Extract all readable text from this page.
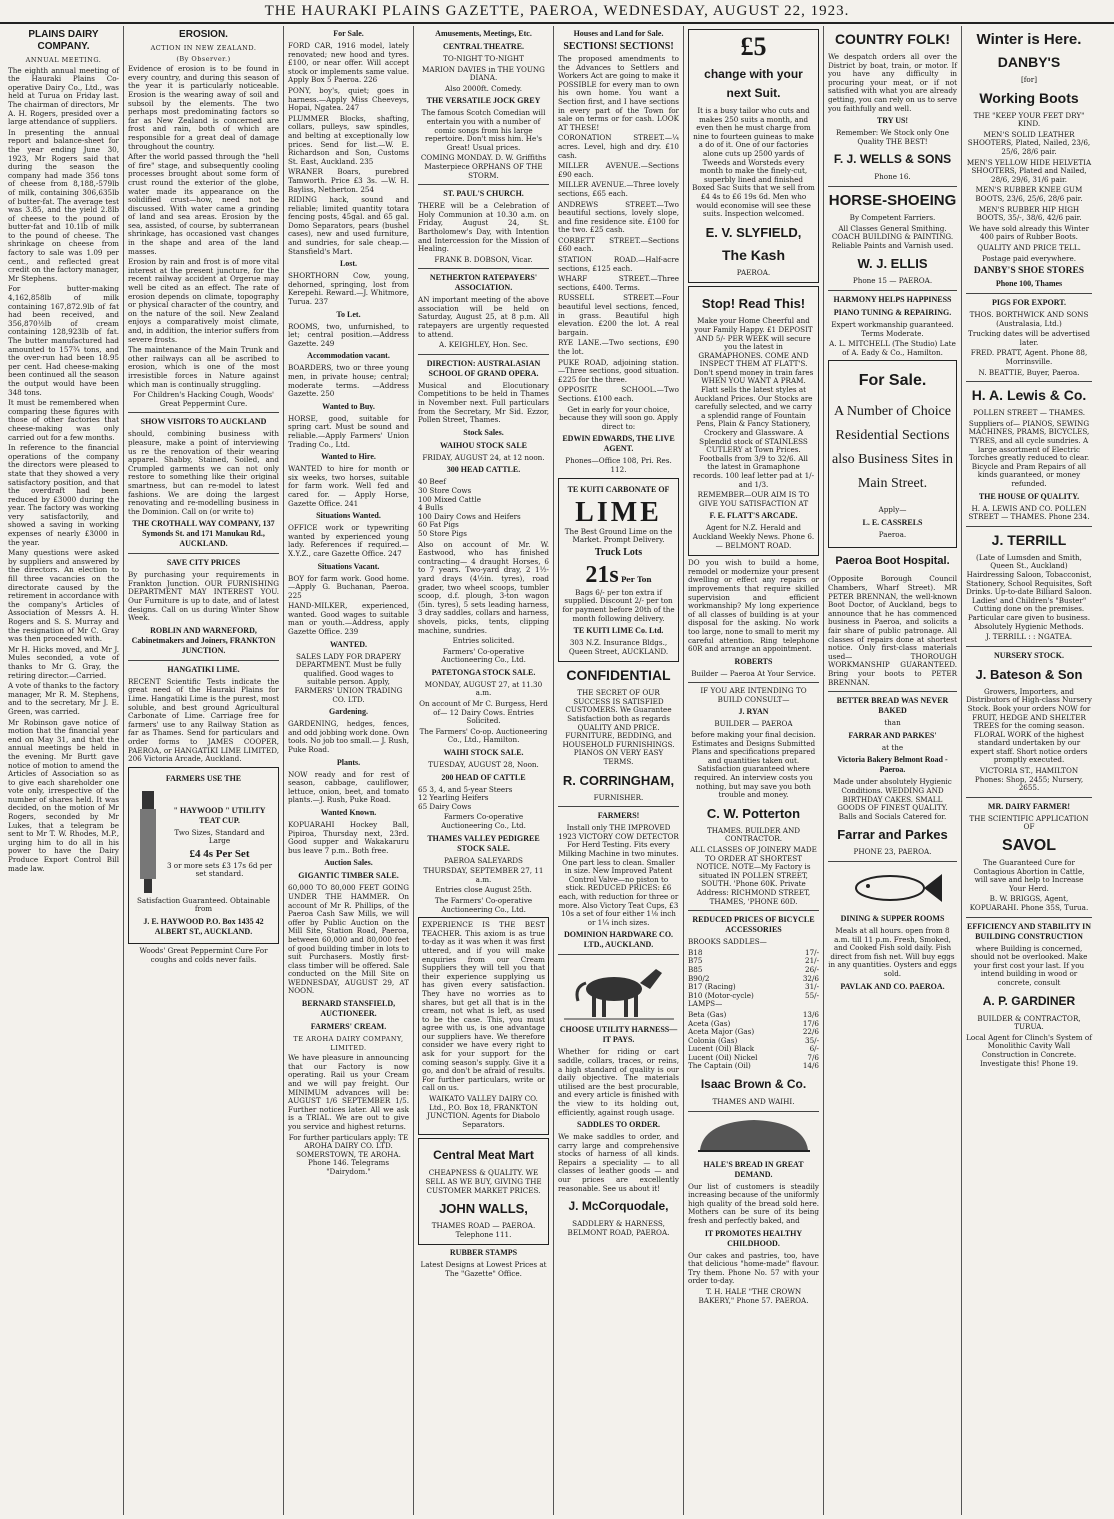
THE HAURAKI PLAINS GAZETTE, PAEROA, WEDNESDAY, AUGUST 22, 1923.
PLAINS DAIRY COMPANY.
ANNUAL MEETING.

The eighth annual meeting of the Hauraki Plains Co-operative Dairy Co., Ltd., was held at Turua on Friday last. The chairman of directors, Mr A. H. Rogers, presided over a large attendance of suppliers.

In presenting the annual report and balance-sheet for the year ending June 30, 1923, Mr Rogers said that during the season the company had made 356 tons of cheese from 8,188,-579lb of milk, containing 306,635lb of butter-fat. The average test was 3.85, and the yield 2.8lb of cheese to the pound of butter-fat and 10.1lb of milk to the pound of cheese. The shrinkage on cheese from factory to sale was 1.09 per cent., and reflected great credit on the factory manager, Mr Stephens.

For butter-making 4,162,858lb of milk containing 167,872.9lb of fat had been received, and 356,870½lb of cream containing 128,923lb of fat. The butter manufactured had amounted to 157¾ tons, and the over-run had been 18.95 per cent. Had cheese-making been continued all the season the output would have been 348 tons.

It must be remembered when comparing these figures with those of other factories that cheese-making was only carried out for a few months.

In reference to the financial operations of the company the directors were pleased to state that they showed a very satisfactory position, and that the overdraft had been reduced by £3000 during the year. The factory was working very satisfactorily, and showed a saving in working expenses of nearly £3000 in the year.

Many questions were asked by suppliers and answered by the directors. An election to fill three vacancies on the directorate caused by the retirement in accordance with the company's Articles of Association of Messrs A. H. Rogers and S. S. Murray and the resignation of Mr C. Gray was then proceeded with.

Mr H. Hicks moved, and Mr J. Mules seconded, a vote of thanks to Mr G. Gray, the retiring director.—Carried.

A vote of thanks to the factory manager, Mr R. M. Stephens, and to the secretary, Mr J. E. Green, was carried.

Mr Robinson gave notice of motion that the financial year end on May 31, and that the annual meetings be held in the evening. Mr Burtt gave notice of motion to amend the Articles of Association so as to give each shareholder one vote only, irrespective of the number of shares held. It was decided, on the motion of Mr Rogers, seconded by Mr Lukes, that a telegram be sent to Mr T. W. Rhodes, M.P., urging him to do all in his power to have the Dairy Produce Export Control Bill made law.

EROSION.
ACTION IN NEW ZEALAND.
(By Observer.)

Evidence of erosion is to be found in every country, and during this season of the year it is particularly noticeable. Erosion is the wearing away of soil and subsoil by the elements. The two perhaps most predominating factors so far as New Zealand is concerned are frost and rain, both of which are responsible for a great deal of damage throughout the country.

After the world passed through the "hell of fire" stage, and subsequently cooling processes brought about some form of crust round the exterior of the globe, water made its appearance on the solidified crust—how, need not be discussed. With water came a grinding of land and sea areas. Erosion by the sea, assisted, of course, by subterranean shrinkage, has occasioned vast changes in the shape and area of the land masses.

Erosion by rain and frost is of more vital interest at the present juncture, for the recent railway accident at Orgerue may well be cited as an effect. The rate of erosion depends on climate, topography or physical character of the country, and on the nature of the soil. New Zealand enjoys a comparatively moist climate, and, in addition, the interior suffers from severe frosts.

The maintenance of the Main Trunk and other railways can all be ascribed to erosion, which is one of the most irresistible forces in Nature against which man is continually struggling.

For Children's Hacking Cough, Woods' Great Peppermint Cure.

SHOW VISITORS TO AUCKLAND

should, combining business with pleasure, make a point of interviewing us re the renovation of their wearing apparel. Shabby, Stained, Soiled, and Crumpled garments we can not only restore to something like their original smartness, but can re-model to latest fashions. We are doing the largest renovating and re-modelling business in the Dominion. Call on (or write to)

THE CROTHALL WAY COMPANY, 137 Symonds St. and 171 Manukau Rd., AUCKLAND.
SAVE CITY PRICES

By purchasing your requirements in Frankton Junction. OUR FURNISHING DEPARTMENT MAY INTEREST YOU. Our Furniture is up to date, and of latest designs. Call on us during Winter Show Week.

ROBLIN AND WARNEFORD, Cabinetmakers and Joiners, FRANKTON JUNCTION.
HANGATIKI LIME.

RECENT Scientific Tests indicate the great need of the Hauraki Plains for Lime. Hangatiki Lime is the purest, most soluble, and best ground Agricultural Carbonate of Lime. Carriage free for farmers' use to any Railway Station as far as Thames. Send for particulars and order forms to JAMES COOPER, PAEROA, or HANGATIKI LIME LIMITED, 206 Victoria Arcade, Auckland.

FARMERS USE THE
" HAYWOOD " UTILITY TEAT CUP.

Two Sizes, Standard and Large

£4 4s Per Set

3 or more sets £3 17s 6d per set standard.

Satisfaction Guaranteed. Obtainable from

J. E. HAYWOOD P.O. Box 1435 42 ALBERT ST., AUCKLAND.

Woods' Great Peppermint Cure For coughs and colds never fails.

For Sale.

FORD CAR, 1916 model, lately renovated; new hood and tyres. £100, or near offer. Will accept stock or implements same value. Apply Box 5 Paeroa. 226

PONY, boy's, quiet; goes in harness.—Apply Miss Cheeveys, Hopai, Ngatea. 247

PLUMMER Blocks, shafting, collars, pulleys, saw spindles, and belting at exceptionally low prices. Send for list.—W. E. Richardson and Son, Customs St. East, Auckland. 235

WRANER Boars, purebred Tamworth. Price £3 3s. —W. H. Bayliss, Netherton. 254

RIDING hack, sound and reliable; limited quantity totara fencing posts, 45gal. and 65 gal. Domo Separators, pears (bushel cases), new and used furniture, and sundries, for sale cheap.—Stansfield's Mart.

Lost.

SHORTHORN Cow, young, dehorned, springing, lost from Kerepehi. Reward.—J. Whitmore, Turua. 237

To Let.

ROOMS, two, unfurnished, to let; central position.—Address Gazette. 249

Accommodation vacant.

BOARDERS, two or three young men, in private house; central; moderate terms. —Address Gazette. 250

Wanted to Buy.

HORSE, good, suitable for spring cart. Must be sound and reliable.—Apply Farmers' Union Trading Co., Ltd.

Wanted to Hire.

WANTED to hire for month or six weeks, two horses, suitable for farm work. Well fed and cared for. — Apply Horse, Gazette Office. 241

Situations Wanted.

OFFICE work or typewriting wanted by experienced young lady. References if required.— X.Y.Z., care Gazette Office. 247

Situations Vacant.

BOY for farm work. Good home.—Apply G. Buchanan, Paeroa. 225

HAND-MILKER, experienced, wanted. Good wages to suitable man or youth.—Address, apply Gazette Office. 239

WANTED.

SALES LADY FOR DRAPERY DEPARTMENT. Must be fully qualified. Good wages to suitable person. Apply, FARMERS' UNION TRADING CO. LTD.

Gardening.

GARDENING, hedges, fences, and odd jobbing work done. Own tools. No job too small.— J. Rush, Puke Road.

Plants.

NOW ready and for rest of season, cabbage, cauliflower, lettuce, onion, beet, and tomato plants.—J. Rush, Puke Road.

Wanted Known.

KOPUARAHI Hockey Ball, Pipiroa, Thursday next, 23rd. Good supper and Wakakaruru bus leave 7 p.m.. Both free.

Auction Sales.
GIGANTIC TIMBER SALE.

60,000 TO 80,000 FEET GOING UNDER THE HAMMER. On account of Mr R. Phillips, of the Paeroa Cash Saw Mills, we will offer by Public Auction on the Mill Site, Station Road, Paeroa, between 60,000 and 80,000 feet of good building timber in lots to suit Purchasers. Mostly first-class timber will be offered. Sale conducted on the Mill Site on WEDNESDAY, AUGUST 29, AT NOON.

BERNARD STANSFIELD, AUCTIONEER.
FARMERS' CREAM.
TE AROHA DAIRY COMPANY, LIMITED.

We have pleasure in announcing that our Factory is now operating. Rail us your Cream and we will pay freight. Our MINIMUM advances will be: AUGUST 1/6 SEPTEMBER 1/5. Further notices later. All we ask is a TRIAL. We are out to give you service and highest returns.

For further particulars apply: TE AROHA DAIRY CO. LTD. SOMERSTOWN, TE AROHA. Phone 146. Telegrams "Dairydom."

Amusements, Meetings, Etc.
CENTRAL THEATRE.

TO-NIGHT TO-NIGHT

MARION DAVIES in THE YOUNG DIANA.

Also 2000ft. Comedy.

THE VERSATILE JOCK GREY

The famous Scotch Comedian will entertain you with a number of comic songs from his large repertoire. Don't miss him. He's Great! Usual prices.

COMING MONDAY. D. W. Griffiths Masterpiece ORPHANS OF THE STORM.

ST. PAUL'S CHURCH.

THERE will be a Celebration of Holy Communion at 10.30 a.m. on Friday, August 24, St. Bartholomew's Day, with Intention and Intercession for the Mission of Healing.

FRANK B. DOBSON, Vicar.

NETHERTON RATEPAYERS' ASSOCIATION.

AN important meeting of the above association will be held on Saturday, August 25, at 8 p.m. All ratepayers are urgently requested to attend.

A. KEIGHLEY, Hon. Sec.

DIRECTION: AUSTRALASIAN SCHOOL OF GRAND OPERA.

Musical and Elocutionary Competitions to be held in Thames in November next. Full particulars from the Secretary, Mr Sid. Ezzor, Pollen Street, Thames.

Stock Sales.
WAIHOU STOCK SALE

FRIDAY, AUGUST 24, at 12 noon.

300 HEAD CATTLE.

40 Beef
30 Store Cows
100 Mixed Cattle
4 Bulls
100 Dairy Cows and Heifers
60 Fat Pigs
50 Store Pigs

Also on account of Mr. W. Eastwood, who has finished contracting— 4 draught Horses, 6 to 7 years. Two-yard dray, 2 1½-yard drays (4½in. tyres), road grader, two wheel scoops, tumbler scoop, d.f. plough, 3-ton wagon (5in. tyres), 5 sets leading harness, 3 dray saddles, collars and harness, shovels, picks, tents, clipping machine, sundries.

Entries solicited.

Farmers' Co-operative Auctioneering Co., Ltd.

PATETONGA STOCK SALE.

MONDAY, AUGUST 27, at 11.30 a.m.

On account of Mr C. Burgess, Herd of— 12 Dairy Cows. Entries Solicited.

The Farmers' Co-op. Auctioneering Co., Ltd., Hamilton.

WAIHI STOCK SALE.

TUESDAY, AUGUST 28, Noon.

200 HEAD OF CATTLE

65 3, 4, and 5-year Steers
12 Yearling Heifers
65 Dairy Cows

Farmers Co-operative Auctioneering Co., Ltd.

THAMES VALLEY PEDIGREE STOCK SALE.

PAEROA SALEYARDS

THURSDAY, SEPTEMBER 27, 11 a.m.

Entries close August 25th.

The Farmers' Co-operative Auctioneering Co., Ltd.

EXPERIENCE IS THE BEST TEACHER. This axiom is as true to-day as it was when it was first uttered, and if you will make enquiries from our Cream Suppliers they will tell you that their experience supplying us has given every satisfaction. They have no worries as to shares, but get all that is in the cream, not what is left, as used to be the case. This, you must agree with us, is one advantage our suppliers have. We therefore consider we have every right to ask for your support for the coming season's supply. Give it a go, and don't be afraid of results. For further particulars, write or call on us.

WAIKATO VALLEY DAIRY CO. Ltd., P.O. Box 18, FRANKTON JUNCTION. Agents for Diabolo Separators.

Central Meat Mart

CHEAPNESS & QUALITY. WE SELL AS WE BUY, GIVING THE CUSTOMER MARKET PRICES.

JOHN WALLS,

THAMES ROAD — PAEROA. Telephone 111.

RUBBER STAMPS

Latest Designs at Lowest Prices at The "Gazette" Office.

Houses and Land for Sale.
SECTIONS! SECTIONS!

The proposed amendments to the Advances to Settlers and Workers Act are going to make it POSSIBLE for every man to own his own home. You want a Section first, and I have sections in every part of the Town for sale on terms or for cash. LOOK AT THESE!

CORONATION STREET.—¼ acres. Level, high and dry. £10 cash.

MILLER AVENUE.—Sections £90 each.

MILLER AVENUE.—Three lovely sections, £65 each.

ANDREWS STREET.—Two beautiful sections, lovely slope, and fine residence site. £100 for the two. £25 cash.

CORBETT STREET.—Sections £60 each.

STATION ROAD.—Half-acre sections, £125 each.

WHARF STREET.—Three sections, £400. Terms.

RUSSELL STREET.—Four beautiful level sections, fenced, in grass. Beautiful high elevation. £200 the lot. A real bargain.

RYE LANE.—Two sections, £90 the lot.

PUKE ROAD, adjoining station. —Three sections, good situation. £225 for the three.

OPPOSITE SCHOOL.—Two Sections. £100 each.

Get in early for your choice, because they will soon go. Apply direct to:

EDWIN EDWARDS, THE LIVE AGENT.

Phones—Office 108, Pri. Res. 112.

TE KUITI CARBONATE OF
LIME

The Best Ground Lime on the Market. Prompt Delivery.

Truck Lots
21s Per Ton

Bags 6/- per ton extra if supplied. Discount 2/- per ton for payment before 20th of the month following delivery.

TE KUITI LIME Co. Ltd.

303 N.Z. Insurance Bldgs., Queen Street, AUCKLAND.

CONFIDENTIAL

THE SECRET OF OUR SUCCESS IS SATISFIED CUSTOMERS. We Guarantee Satisfaction both as regards QUALITY AND PRICE. FURNITURE, BEDDING, and HOUSEHOLD FURNISHINGS. PIANOS ON VERY EASY TERMS.

R. CORRINGHAM,

FURNISHER.

FARMERS!

Install only THE IMPROVED 1923 VICTORY COW DETECTOR For Herd Testing. Fits every Milking Machine in two minutes. One part less to clean. Smaller in size. New Improved Patent Control Valve—no piston to stick. REDUCED PRICES: £6 each, with reduction for three or more. Also Victory Teat Cups, £3 10s a set of four either 1⅛ inch or 1¼ inch sizes.

DOMINION HARDWARE CO. LTD., AUCKLAND.
CHOOSE UTILITY HARNESS—IT PAYS.

Whether for riding or cart saddle, collars, traces, or reins, a high standard of quality is our daily objective. The materials utilised are the best procurable, and every article is finished with the view to its holding out, efficiently, against rough usage.

SADDLES TO ORDER.

We make saddles to order, and carry large and comprehensive stocks of harness of all kinds. Repairs a speciality — to all classes of leather goods — and our prices are excellently reasonable. See us about it!

J. McCorquodale,

SADDLERY & HARNESS, BELMONT ROAD, PAEROA.

£5
change with your next Suit.

It is a busy tailor who cuts and makes 250 suits a month, and even then he must charge from nine to fourteen guineas to make a do of it. One of our factories alone cuts up 2500 yards of Tweeds and Worsteds every month to make the finely-cut, superbly lined and finished Boxed Sac Suits that we sell from £4 4s to £6 19s 6d. Men who would economise will see these suits. Inspection welcomed.

E. V. SLYFIELD,
The Kash

PAEROA.

Stop! Read This!

Make your Home Cheerful and your Family Happy. £1 DEPOSIT AND 5/- PER WEEK will secure you the latest in GRAMAPHONES. COME AND INSPECT THEM AT FLATT'S. Don't spend money in train fares WHEN YOU WANT A PRAM. Flatt sells the latest styles at Auckland Prices. Our Stocks are carefully selected, and we carry a splendid range of Fountain Pens, Plain & Fancy Stationery, Crockery and Glassware. A Splendid stock of STAINLESS CUTLERY at Town Prices. Footballs from 3/9 to 32/6. All the latest in Gramaphone records. 100 leaf letter pad at 1/- and 1/3.

REMEMBER—OUR AIM IS TO GIVE YOU SATISFACTION AT

F. E. FLATT'S ARCADE.

Agent for N.Z. Herald and Auckland Weekly News. Phone 6. — BELMONT ROAD.

DO you wish to build a home, remodel or modernize your present dwelling or effect any repairs or improvements that require skilled supervision and efficient workmanship? My long experience of all classes of building is at your disposal for the asking. No work too large, none to small to merit my careful attention. Ring telephone 60R and arrange an appointment.

ROBERTS

Builder — Paeroa At Your Service.

IF YOU ARE INTENDING TO BUILD CONSULT—

J. RYAN

BUILDER — PAEROA

before making your final decision. Estimates and Designs Submitted Plans and specifications prepared and quantities taken out. Satisfaction guaranteed where required. An interview costs you nothing, but may save you both trouble and money.

C. W. Potterton

THAMES. BUILDER AND CONTRACTOR.

ALL CLASSES OF JOINERY MADE TO ORDER AT SHORTEST NOTICE. NOTE—My Factory is situated IN POLLEN STREET, SOUTH. 'Phone 60K. Private Address: RICHMOND STREET, THAMES, 'PHONE 60D.

REDUCED PRICES OF BICYCLE ACCESSORIES

BROOKS SADDLES—

B18	17/-
B75	21/-
B85	26/-
B90/2	32/6
B17 (Racing)	31/-
B10 (Motor-cycle)	55/-

LAMPS—

Beta (Gas)	13/6
Aceta (Gas)	17/6
Aceta Major (Gas)	22/6
Colonia (Gas)	35/-
Lucent (Oil) Black	6/-
Lucent (Oil) Nickel	7/6
The Captain (Oil)	14/6
Isaac Brown & Co.

THAMES AND WAIHI.

HALE'S BREAD IN GREAT DEMAND.

Our list of customers is steadily increasing because of the uniformly high quality of the bread sold here. Mothers can be sure of its being fresh and perfectly baked, and

IT PROMOTES HEALTHY CHILDHOOD.

Our cakes and pastries, too, have that delicious "home-made" flavour. Try them. Phone No. 57 with your order to-day.

T. H. HALE "THE CROWN BAKERY," Phone 57. PAEROA.

COUNTRY FOLK!

We despatch orders all over the District by boat, train, or motor. If you have any difficulty in procuring your meat, or if not satisfied with what you are already getting, you can rely on us to serve you faithfully and well.

TRY US!

Remember: We Stock only One Quality THE BEST!

F. J. WELLS & SONS

Phone 16.

HORSE-SHOEING

By Competent Farriers.

All Classes General Smithing. COACH BUILDING & PAINTING. Reliable Paints and Varnish used.

W. J. ELLIS

Phone 15 — PAEROA.

HARMONY HELPS HAPPINESS
PIANO TUNING & REPAIRING.

Expert workmanship guaranteed. Terms Moderate.

A. L. MITCHELL (The Studio) Late of A. Eady & Co., Hamilton.

For Sale.
A Number of Choice Residential Sections also Business Sites in Main Street.

Apply—

L. E. CASSRELS

Paeroa.

Paeroa Boot Hospital.

(Opposite Borough Council Chambers, Wharf Street). MR PETER BRENNAN, the well-known Boot Doctor, of Auckland, begs to announce that he has commenced business in Paeroa, and solicits a fair share of public patronage. All classes of repairs done at shortest notice. Only first-class materials used— THOROUGH WORKMANSHIP GUARANTEED. Bring your boots to PETER BRENNAN.

BETTER BREAD WAS NEVER BAKED

than

FARRAR AND PARKES'

at the

Victoria Bakery Belmont Road - Paeroa.

Made under absolutely Hygienic Conditions. WEDDING AND BIRTHDAY CAKES. SMALL GOODS OF FINEST QUALITY. Balls and Socials Catered for.

Farrar and Parkes

PHONE 23, PAEROA.

DINING & SUPPER ROOMS

Meals at all hours. open from 8 a.m. till 11 p.m. Fresh, Smoked, and Cooked Fish sold daily. Fish direct from fish net. Will buy eggs in any quantities. Oysters and eggs sold.

PAVLAK AND CO. PAEROA.
Winter is Here.
DANBY'S

[for]

Working Boots

THE "KEEP YOUR FEET DRY" KIND.

MEN'S SOLID LEATHER SHOOTERS, Plated, Nailed, 23/6, 25/6, 28/6 pair.

MEN'S YELLOW HIDE HELVETIA SHOOTERS, Plated and Nailed, 28/6, 29/6, 31/6 pair.

MEN'S RUBBER KNEE GUM BOOTS, 23/6, 25/6, 28/6 pair.

MEN'S RUBBER HIP HIGH BOOTS, 35/-, 38/6, 42/6 pair.

We have sold already this Winter 400 pairs of Rubber Boots.

QUALITY AND PRICE TELL.

Postage paid everywhere.

DANBY'S SHOE STORES
Phone 100, Thames
PIGS FOR EXPORT.

THOS. BORTHWICK AND SONS (Australasia, Ltd.)

Trucking dates will be advertised later.

FRED. PRATT, Agent. Phone 88, Morrinsville.

N. BEATTIE, Buyer, Paeroa.

H. A. Lewis & Co.

POLLEN STREET — THAMES.

Suppliers of— PIANOS, SEWING MACHINES, PRAMS, BICYCLES, TYRES, and all cycle sundries. A large assortment of Electric Torches greatly reduced to clear. Bicycle and Pram Repairs of all kinds guaranteed, or money refunded.

THE HOUSE OF QUALITY.

H. A. LEWIS AND CO. POLLEN STREET — THAMES. Phone 234.

J. TERRILL

(Late of Lumsden and Smith, Queen St., Auckland) Hairdressing Saloon, Tobacconist, Stationery, School Requisites, Soft Drinks. Up-to-date Billiard Saloon. Ladies' and Children's "Buster" Cutting done on the premises. Particular care given to business. Absolutely Hygienic Methods.

J. TERRILL : : NGATEA.

NURSERY STOCK.
J. Bateson & Son

Growers, Importers, and Distributors of High-class Nursery Stock. Book your orders NOW for FRUIT, HEDGE AND SHELTER TREES for the coming season. FLORAL WORK of the highest standard undertaken by our expert staff. Short notice orders promptly executed.

VICTORIA ST., HAMILTON Phones: Shop, 2455; Nursery, 2655.

MR. DAIRY FARMER!

THE SCIENTIFIC APPLICATION OF

SAVOL

The Guaranteed Cure for Contagious Abortion in Cattle, will save and help to Increase Your Herd.

B. W. BRIGGS, Agent, KOPUARAHI. Phone 35S, Turua.

EFFICIENCY AND STABILITY IN BUILDING CONSTRUCTION

where Building is concerned, should not be overlooked. Make your first cost your last. If you intend building in wood or concrete, consult

A. P. GARDINER

BUILDER & CONTRACTOR, TURUA.

Local Agent for Clinch's System of Monolithic Cavity Wall Construction in Concrete. Investigate this! Phone 19.
